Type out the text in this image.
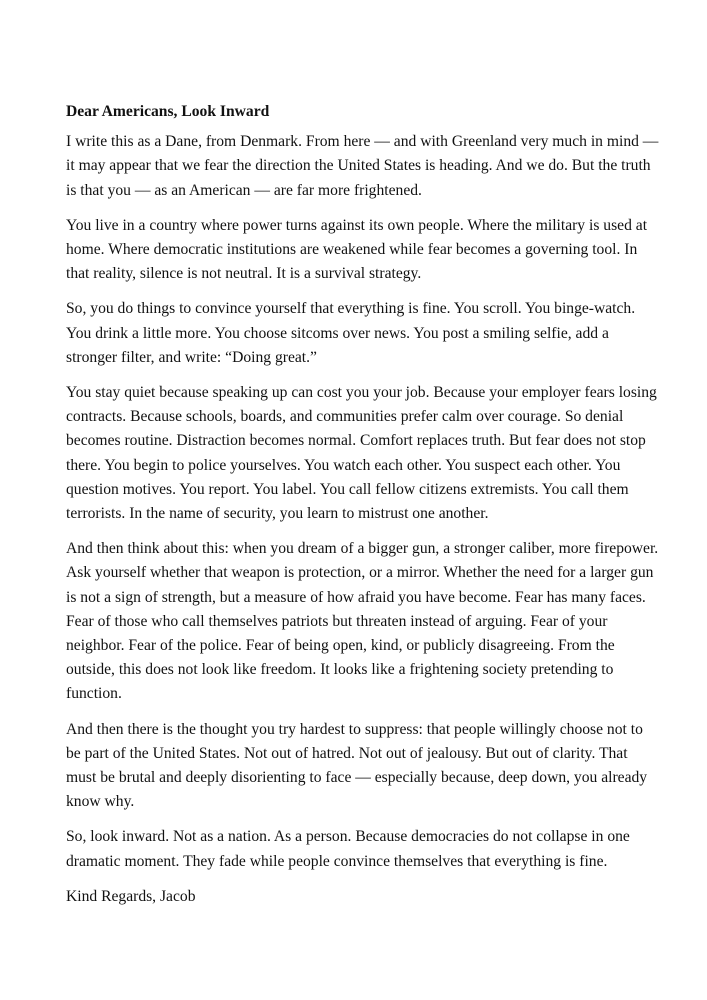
Dear Americans, Look Inward

I write this as a Dane, from Denmark. From here — and with Greenland very much in mind — it may appear that we fear the direction the United States is heading. And we do. But the truth is that you — as an American — are far more frightened.

You live in a country where power turns against its own people. Where the military is used at home. Where democratic institutions are weakened while fear becomes a governing tool. In that reality, silence is not neutral. It is a survival strategy.

So, you do things to convince yourself that everything is fine. You scroll. You binge-watch. You drink a little more. You choose sitcoms over news. You post a smiling selfie, add a stronger filter, and write: “Doing great.”

You stay quiet because speaking up can cost you your job. Because your employer fears losing contracts. Because schools, boards, and communities prefer calm over courage. So denial becomes routine. Distraction becomes normal. Comfort replaces truth. But fear does not stop there. You begin to police yourselves. You watch each other. You suspect each other. You question motives. You report. You label. You call fellow citizens extremists. You call them terrorists. In the name of security, you learn to mistrust one another.

And then think about this: when you dream of a bigger gun, a stronger caliber, more firepower. Ask yourself whether that weapon is protection, or a mirror. Whether the need for a larger gun is not a sign of strength, but a measure of how afraid you have become. Fear has many faces. Fear of those who call themselves patriots but threaten instead of arguing. Fear of your neighbor. Fear of the police. Fear of being open, kind, or publicly disagreeing. From the outside, this does not look like freedom. It looks like a frightening society pretending to function.

And then there is the thought you try hardest to suppress: that people willingly choose not to be part of the United States. Not out of hatred. Not out of jealousy. But out of clarity. That must be brutal and deeply disorienting to face — especially because, deep down, you already know why.

So, look inward. Not as a nation. As a person. Because democracies do not collapse in one dramatic moment. They fade while people convince themselves that everything is fine.

Kind Regards, Jacob
